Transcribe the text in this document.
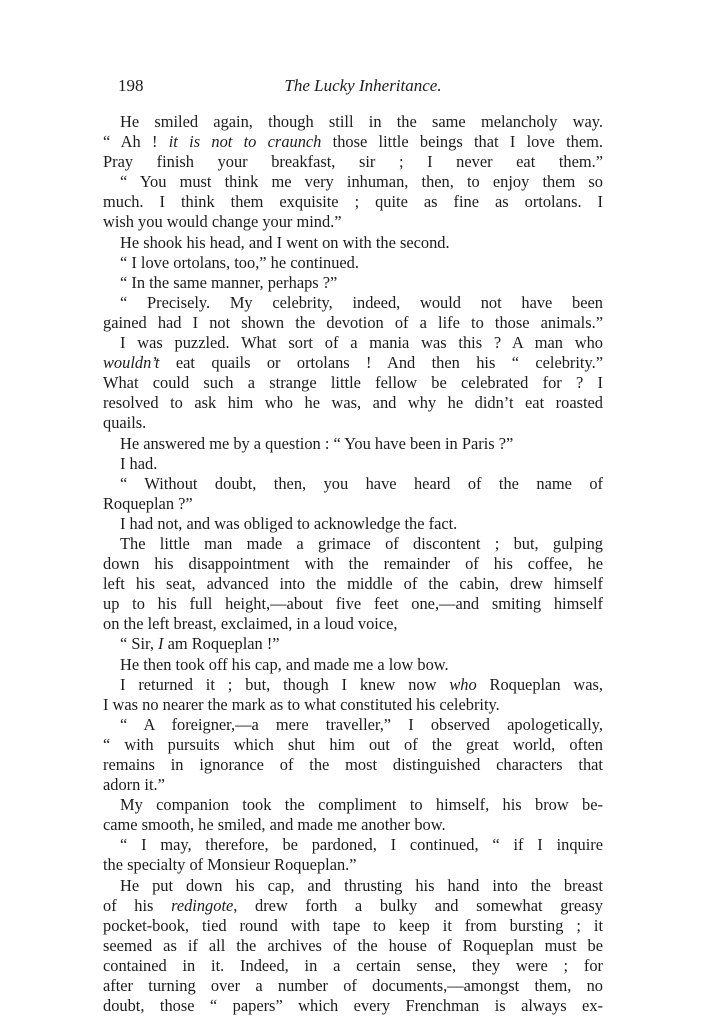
198	The Lucky Inheritance.
He smiled again, though still in the same melancholy way.
“ Ah ! it is not to craunch those little beings that I love them.
Pray finish your breakfast, sir ; I never eat them.”
“ You must think me very inhuman, then, to enjoy them so
much. I think them exquisite ; quite as fine as ortolans. I
wish you would change your mind.”
He shook his head, and I went on with the second.
“ I love ortolans, too,” he continued.
“ In the same manner, perhaps ?”
“ Precisely. My celebrity, indeed, would not have been
gained had I not shown the devotion of a life to those animals.”
I was puzzled. What sort of a mania was this ? A man who
wouldn’t eat quails or ortolans ! And then his “ celebrity.”
What could such a strange little fellow be celebrated for ? I
resolved to ask him who he was, and why he didn’t eat roasted
quails.
He answered me by a question : “ You have been in Paris ?”
I had.
“ Without doubt, then, you have heard of the name of
Roqueplan ?”
I had not, and was obliged to acknowledge the fact.
The little man made a grimace of discontent ; but, gulping
down his disappointment with the remainder of his coffee, he
left his seat, advanced into the middle of the cabin, drew himself
up to his full height,—about five feet one,—and smiting himself
on the left breast, exclaimed, in a loud voice,
“ Sir, I am Roqueplan !”
He then took off his cap, and made me a low bow.
I returned it ; but, though I knew now who Roqueplan was,
I was no nearer the mark as to what constituted his celebrity.
“ A foreigner,—a mere traveller,” I observed apologetically,
“ with pursuits which shut him out of the great world, often
remains in ignorance of the most distinguished characters that
adorn it.”
My companion took the compliment to himself, his brow be-
came smooth, he smiled, and made me another bow.
“ I may, therefore, be pardoned, I continued, “ if I inquire
the specialty of Monsieur Roqueplan.”
He put down his cap, and thrusting his hand into the breast
of his redingote, drew forth a bulky and somewhat greasy
pocket-book, tied round with tape to keep it from bursting ; it
seemed as if all the archives of the house of Roqueplan must be
contained in it. Indeed, in a certain sense, they were ; for
after turning over a number of documents,—amongst them, no
doubt, those “ papers” which every Frenchman is always ex-
